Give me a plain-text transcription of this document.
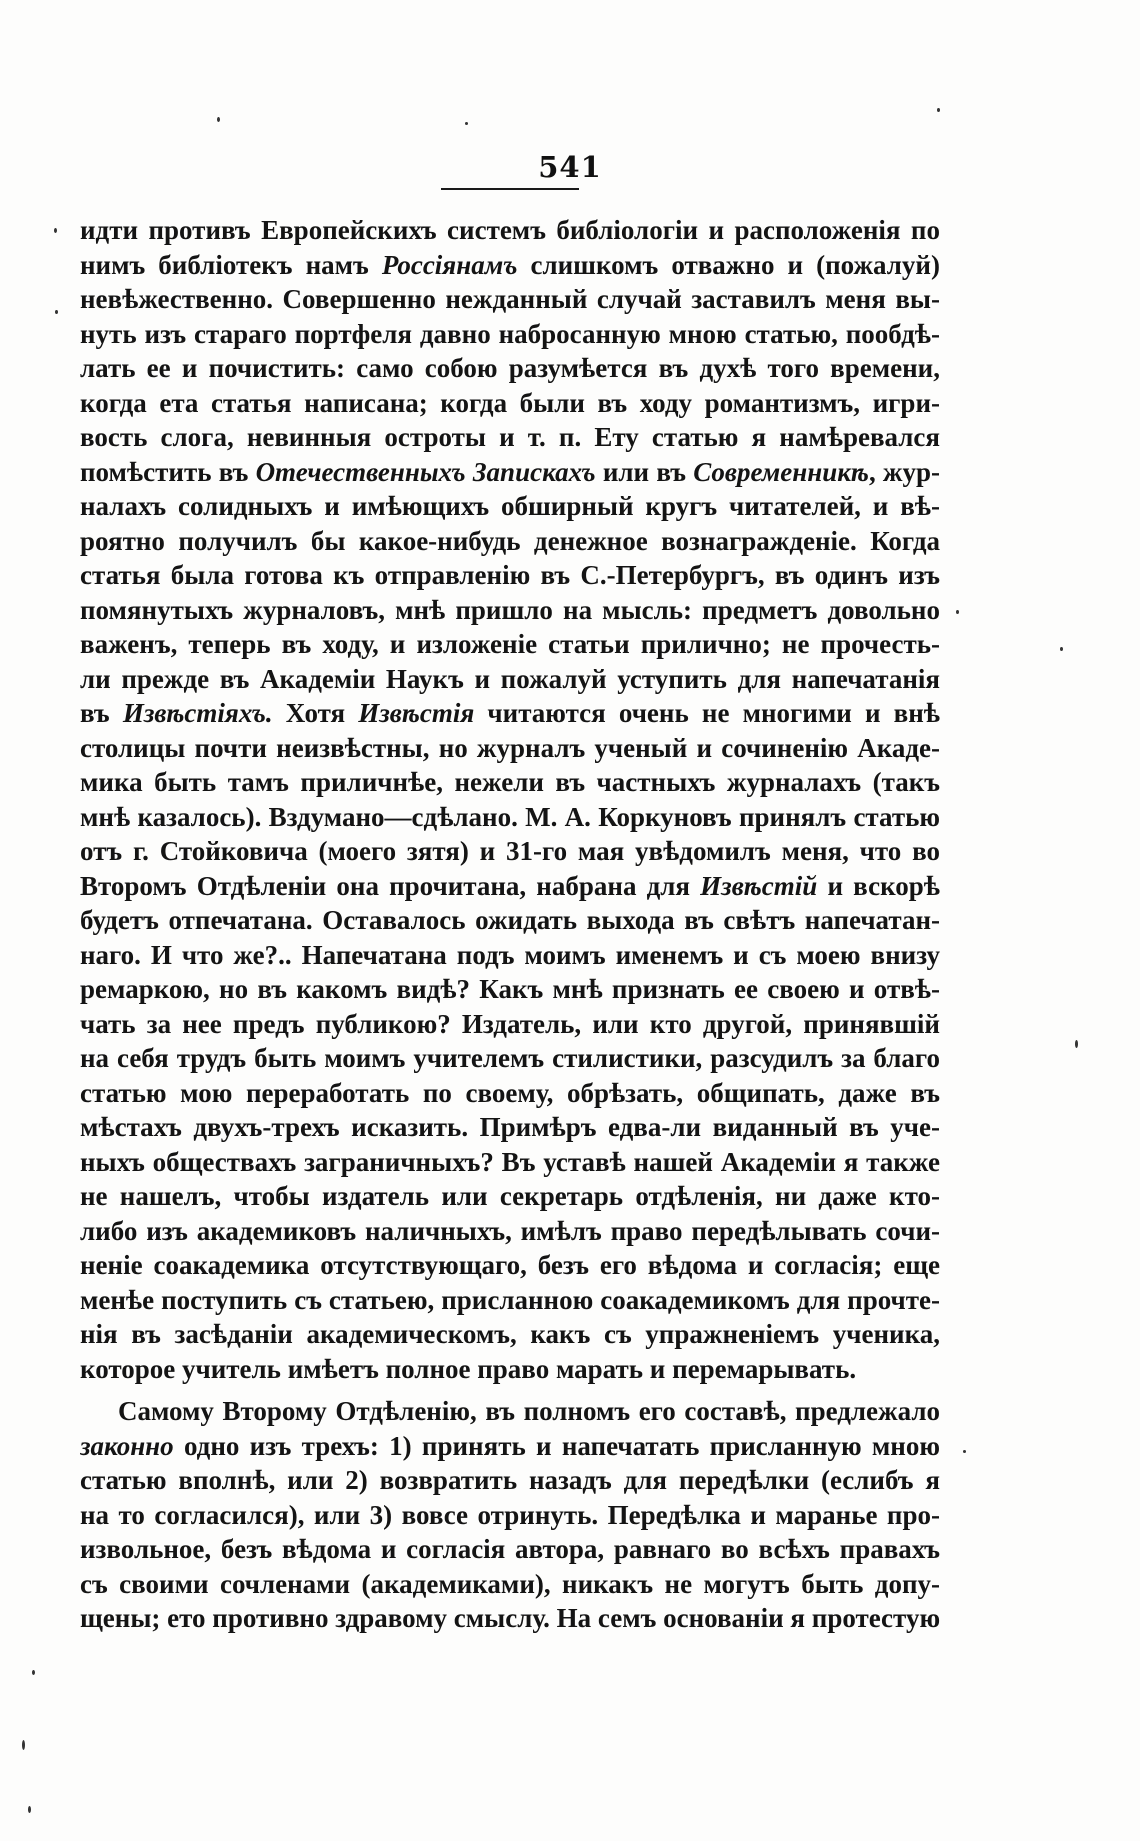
541
идти противъ Европейскихъ системъ библіологіи и расположенія по
нимъ библіотекъ намъ Россіянамъ слишкомъ отважно и (пожалуй)
невѣжественно. Совершенно нежданный случай заставилъ меня вы-
нуть изъ стараго портфеля давно набросанную мною статью, пообдѣ-
лать ее и почистить: само собою разумѣется въ духѣ того времени,
когда ета статья написана; когда были въ ходу романтизмъ, игри-
вость слога, невинныя остроты и т. п. Ету статью я намѣревался
помѣстить въ Отечественныхъ Запискахъ или въ Современникѣ, жур-
налахъ солидныхъ и имѣющихъ обширный кругъ читателей, и вѣ-
роятно получилъ бы какое-нибудь денежное вознагражденіе. Когда
статья была готова къ отправленію въ С.-Петербургъ, въ одинъ изъ
помянутыхъ журналовъ, мнѣ пришло на мысль: предметъ довольно
важенъ, теперь въ ходу, и изложеніе статьи прилично; не прочесть-
ли прежде въ Академіи Наукъ и пожалуй уступить для напечатанія
въ Извѣстіяхъ. Хотя Извѣстія читаются очень не многими и внѣ
столицы почти неизвѣстны, но журналъ ученый и сочиненію Акаде-
мика быть тамъ приличнѣе, нежели въ частныхъ журналахъ (такъ
мнѣ казалось). Вздумано—сдѣлано. М. А. Коркуновъ принялъ статью
отъ г. Стойковича (моего зятя) и 31-го мая увѣдомилъ меня, что во
Второмъ Отдѣленіи она прочитана, набрана для Извѣстій и вскорѣ
будетъ отпечатана. Оставалось ожидать выхода въ свѣтъ напечатан-
наго. И что же?.. Напечатана подъ моимъ именемъ и съ моею внизу
ремаркою, но въ какомъ видѣ? Какъ мнѣ признать ее своею и отвѣ-
чать за нее предъ публикою? Издатель, или кто другой, принявшій
на себя трудъ быть моимъ учителемъ стилистики, разсудилъ за благо
статью мою переработать по своему, обрѣзать, общипать, даже въ
мѣстахъ двухъ-трехъ исказить. Примѣръ едва-ли виданный въ уче-
ныхъ обществахъ заграничныхъ? Въ уставѣ нашей Академіи я также
не нашелъ, чтобы издатель или секретарь отдѣленія, ни даже кто-
либо изъ академиковъ наличныхъ, имѣлъ право передѣлывать сочи-
неніе соакадемика отсутствующаго, безъ его вѣдома и согласія; еще
менѣе поступить съ статьею, присланною соакадемикомъ для прочте-
нія въ засѣданіи академическомъ, какъ съ упражненіемъ ученика,
которое учитель имѣетъ полное право марать и перемарывать.
Самому Второму Отдѣленію, въ полномъ его составѣ, предлежало
законно одно изъ трехъ: 1) принять и напечатать присланную мною
статью вполнѣ, или 2) возвратить назадъ для передѣлки (еслибъ я
на то согласился), или 3) вовсе отринуть. Передѣлка и маранье про-
извольное, безъ вѣдома и согласія автора, равнаго во всѣхъ правахъ
съ своими сочленами (академиками), никакъ не могутъ быть допу-
щены; ето противно здравому смыслу. На семъ основаніи я протестую
